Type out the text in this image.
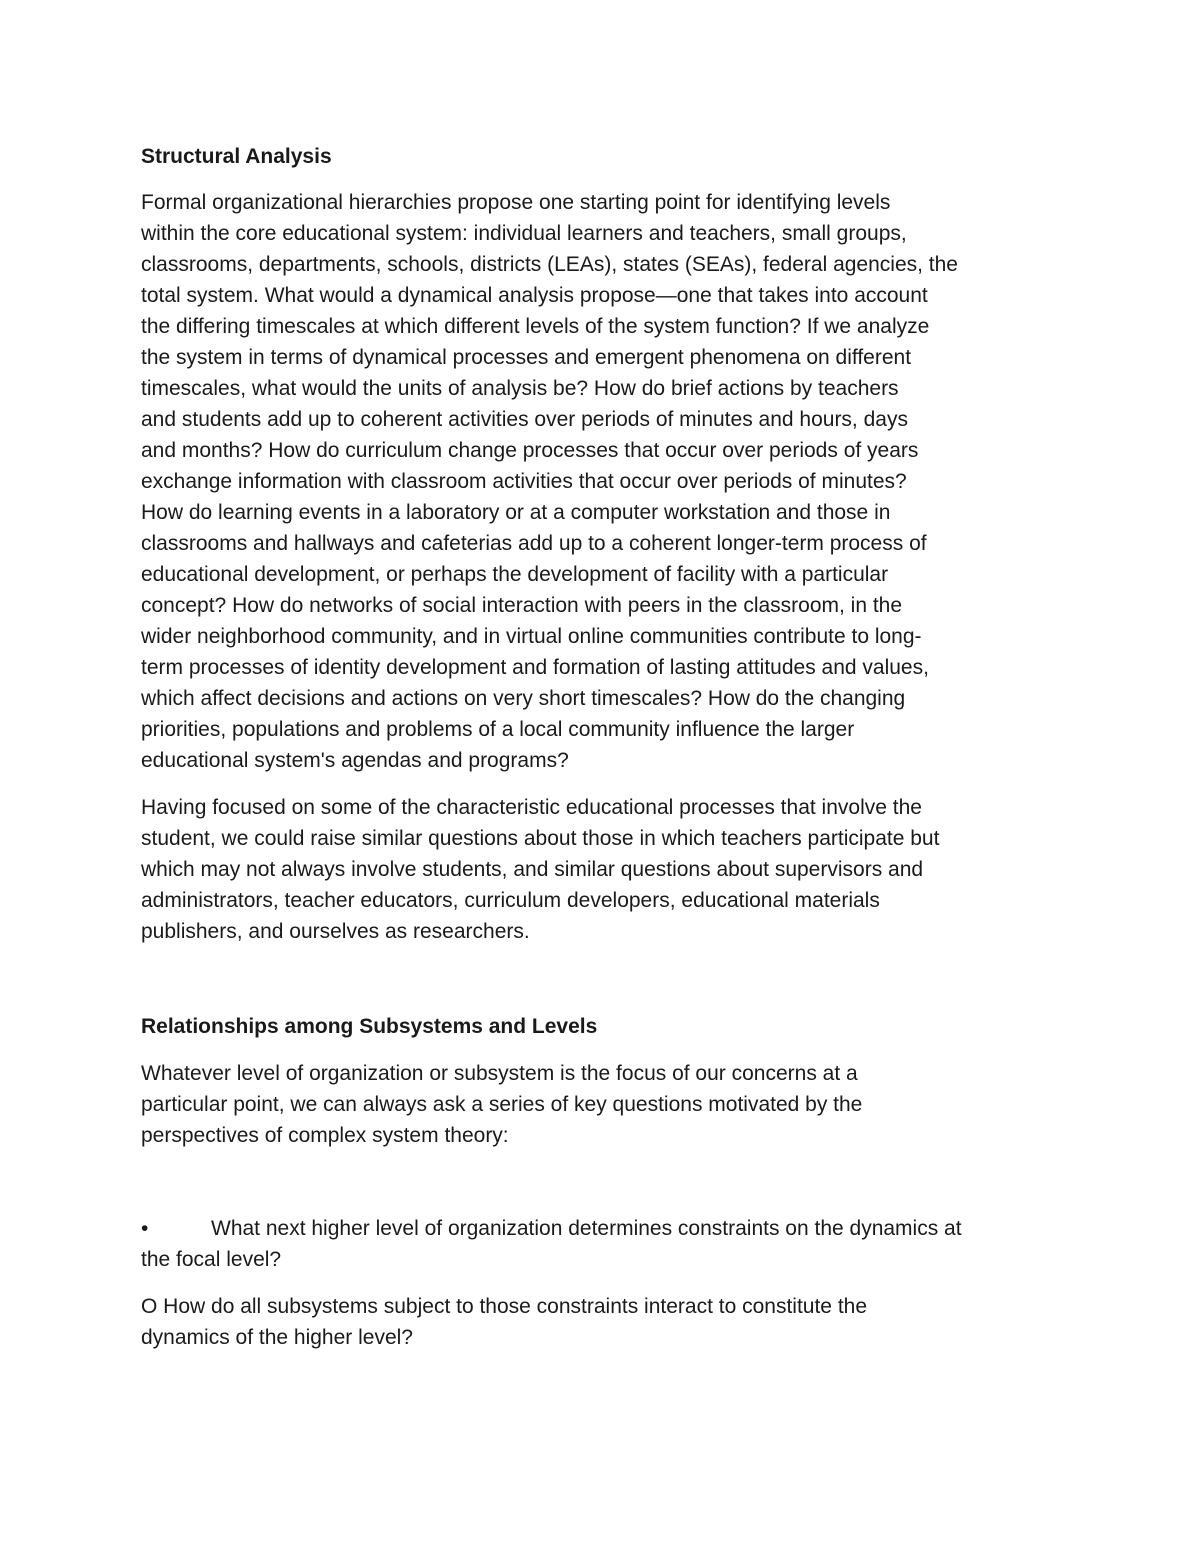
Structural Analysis
Formal organizational hierarchies propose one starting point for identifying levels
within the core educational system: individual learners and teachers, small groups,
classrooms, departments, schools, districts (LEAs), states (SEAs), federal agencies, the
total system. What would a dynamical analysis propose—one that takes into account
the differing timescales at which different levels of the system function? If we analyze
the system in terms of dynamical processes and emergent phenomena on different
timescales, what would the units of analysis be? How do brief actions by teachers
and students add up to coherent activities over periods of minutes and hours, days
and months? How do curriculum change processes that occur over periods of years
exchange information with classroom activities that occur over periods of minutes?
How do learning events in a laboratory or at a computer workstation and those in
classrooms and hallways and cafeterias add up to a coherent longer-term process of
educational development, or perhaps the development of facility with a particular
concept? How do networks of social interaction with peers in the classroom, in the
wider neighborhood community, and in virtual online communities contribute to long-
term processes of identity development and formation of lasting attitudes and values,
which affect decisions and actions on very short timescales? How do the changing
priorities, populations and problems of a local community influence the larger
educational system's agendas and programs?
Having focused on some of the characteristic educational processes that involve the
student, we could raise similar questions about those in which teachers participate but
which may not always involve students, and similar questions about supervisors and
administrators, teacher educators, curriculum developers, educational materials
publishers, and ourselves as researchers.
Relationships among Subsystems and Levels
Whatever level of organization or subsystem is the focus of our concerns at a
particular point, we can always ask a series of key questions motivated by the
perspectives of complex system theory:
•	What next higher level of organization determines constraints on the dynamics at
the focal level?
O How do all subsystems subject to those constraints interact to constitute the
dynamics of the higher level?
